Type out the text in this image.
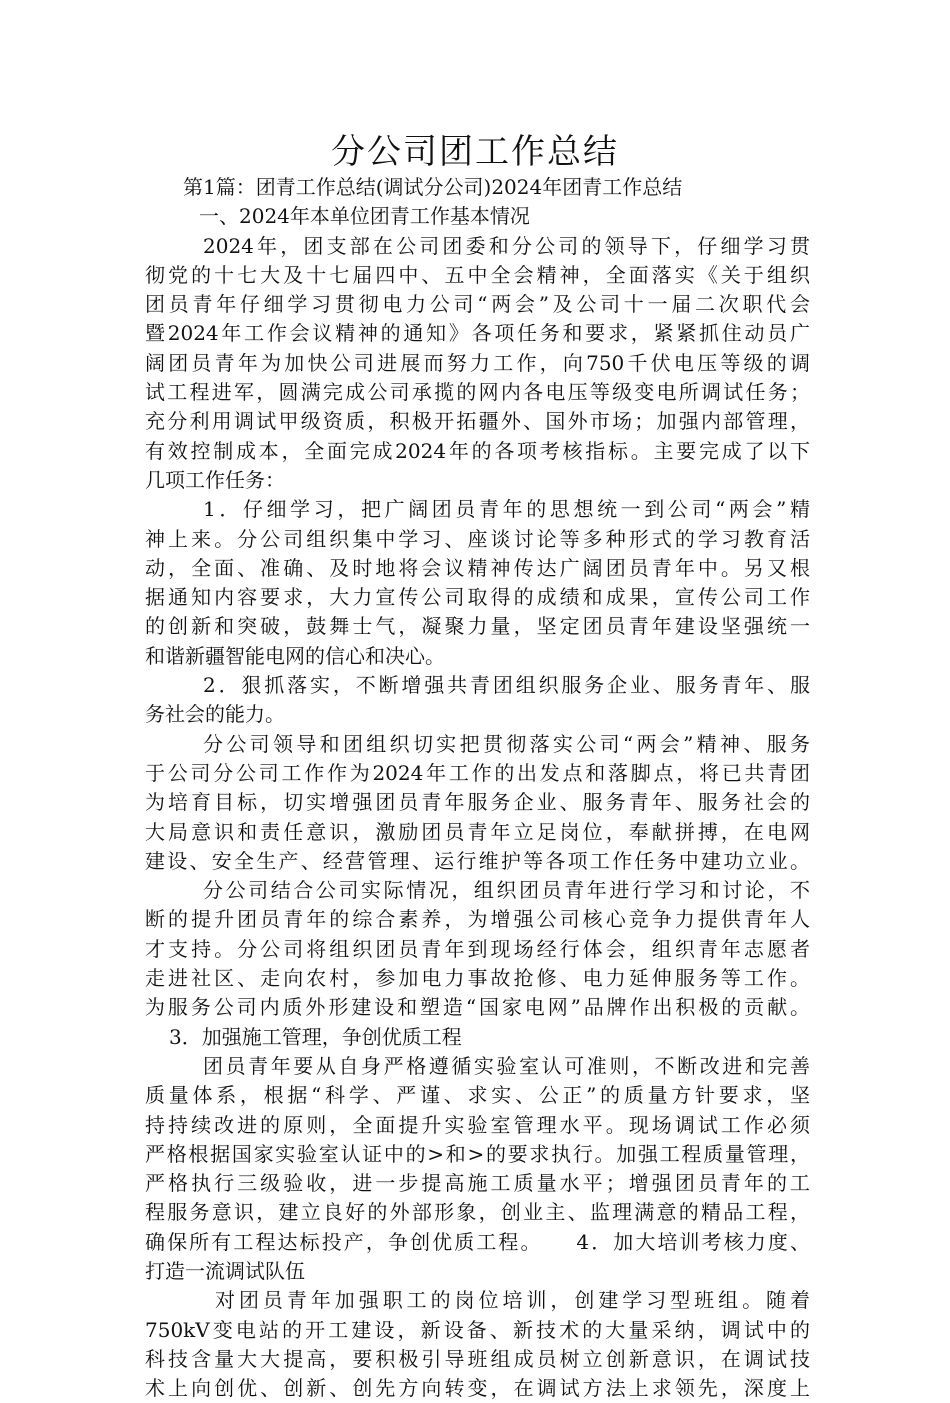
分公司团工作总结
第1篇：团青工作总结(调试分公司)2024年团青工作总结
一、2024年本单位团青工作基本情况
2024年，团支部在公司团委和分公司的领导下，仔细学习贯
彻党的十七大及十七届四中、五中全会精神，全面落实《关于组织
团员青年仔细学习贯彻电力公司“两会”及公司十一届二次职代会
暨2024年工作会议精神的通知》各项任务和要求，紧紧抓住动员广
阔团员青年为加快公司进展而努力工作，向750千伏电压等级的调
试工程进军，圆满完成公司承揽的网内各电压等级变电所调试任务；
充分利用调试甲级资质，积极开拓疆外、国外市场；加强内部管理，
有效控制成本，全面完成2024年的各项考核指标。主要完成了以下
几项工作任务：
1．仔细学习，把广阔团员青年的思想统一到公司“两会”精
神上来。分公司组织集中学习、座谈讨论等多种形式的学习教育活
动，全面、准确、及时地将会议精神传达广阔团员青年中。另又根
据通知内容要求，大力宣传公司取得的成绩和成果，宣传公司工作
的创新和突破，鼓舞士气，凝聚力量，坚定团员青年建设坚强统一
和谐新疆智能电网的信心和决心。
2．狠抓落实，不断增强共青团组织服务企业、服务青年、服
务社会的能力。
分公司领导和团组织切实把贯彻落实公司“两会”精神、服务
于公司分公司工作作为2024年工作的出发点和落脚点，将已共青团
为培育目标，切实增强团员青年服务企业、服务青年、服务社会的
大局意识和责任意识，激励团员青年立足岗位，奉献拼搏，在电网
建设、安全生产、经营管理、运行维护等各项工作任务中建功立业。
分公司结合公司实际情况，组织团员青年进行学习和讨论，不
断的提升团员青年的综合素养，为增强公司核心竞争力提供青年人
才支持。分公司将组织团员青年到现场经行体会，组织青年志愿者
走进社区、走向农村，参加电力事故抢修、电力延伸服务等工作。
为服务公司内质外形建设和塑造“国家电网”品牌作出积极的贡献。
3．加强施工管理，争创优质工程
团员青年要从自身严格遵循实验室认可准则，不断改进和完善
质量体系，根据“科学、严谨、求实、公正”的质量方针要求，坚
持持续改进的原则，全面提升实验室管理水平。现场调试工作必须
严格根据国家实验室认证中的>和>的要求执行。加强工程质量管理，
严格执行三级验收，进一步提高施工质量水平；增强团员青年的工
程服务意识，建立良好的外部形象，创业主、监理满意的精品工程，
确保所有工程达标投产，争创优质工程。    4．加大培训考核力度、
打造一流调试队伍
对团员青年加强职工的岗位培训，创建学习型班组。随着
750kV变电站的开工建设，新设备、新技术的大量采纳，调试中的
科技含量大大提高，要积极引导班组成员树立创新意识，在调试技
术上向创优、创新、创先方向转变，在调试方法上求领先，深度上
